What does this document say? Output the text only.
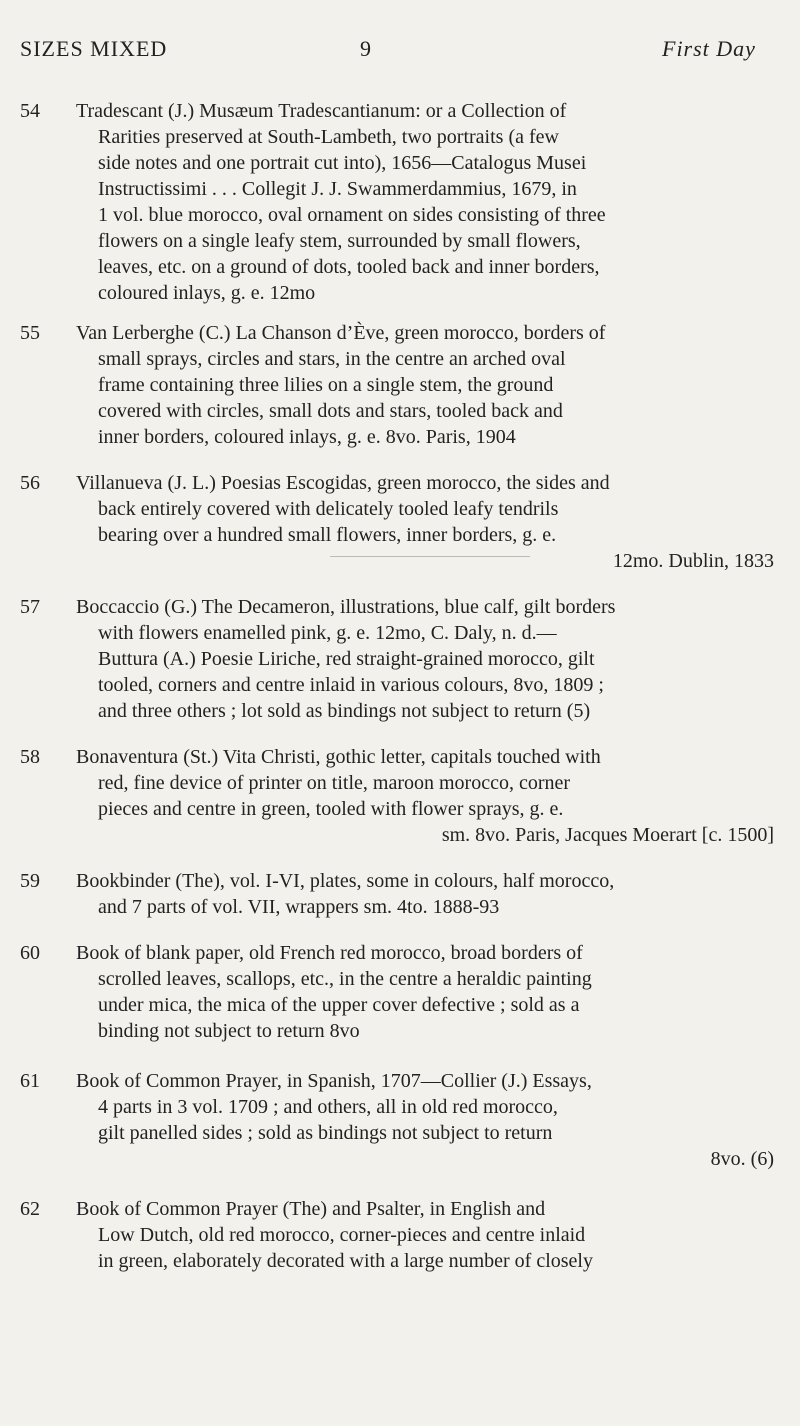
SIZES MIXED	9	First Day
54	Tradescant (J.) Musæum Tradescantianum: or a Collection of
Rarities preserved at South-Lambeth, two portraits (a few
side notes and one portrait cut into), 1656—Catalogus Musei
Instructissimi . . . Collegit J. J. Swammerdammius, 1679, in
1 vol. blue morocco, oval ornament on sides consisting of three
flowers on a single leafy stem, surrounded by small flowers,
leaves, etc. on a ground of dots, tooled back and inner borders,
coloured inlays, g. e. 12mo
55	Van Lerberghe (C.) La Chanson d’Ève, green morocco, borders of
small sprays, circles and stars, in the centre an arched oval
frame containing three lilies on a single stem, the ground
covered with circles, small dots and stars, tooled back and
inner borders, coloured inlays, g. e. 8vo. Paris, 1904
56	Villanueva (J. L.) Poesias Escogidas, green morocco, the sides and
back entirely covered with delicately tooled leafy tendrils
bearing over a hundred small flowers, inner borders, g. e.
12mo. Dublin, 1833
57	Boccaccio (G.) The Decameron, illustrations, blue calf, gilt borders
with flowers enamelled pink, g. e. 12mo, C. Daly, n. d.—
Buttura (A.) Poesie Liriche, red straight-grained morocco, gilt
tooled, corners and centre inlaid in various colours, 8vo, 1809 ;
and three others ; lot sold as bindings not subject to return (5)
58	Bonaventura (St.) Vita Christi, gothic letter, capitals touched with
red, fine device of printer on title, maroon morocco, corner
pieces and centre in green, tooled with flower sprays, g. e.
sm. 8vo. Paris, Jacques Moerart [c. 1500]
59	Bookbinder (The), vol. I-VI, plates, some in colours, half morocco,
and 7 parts of vol. VII, wrappers sm. 4to. 1888-93
60	Book of blank paper, old French red morocco, broad borders of
scrolled leaves, scallops, etc., in the centre a heraldic painting
under mica, the mica of the upper cover defective ; sold as a
binding not subject to return 8vo
61	Book of Common Prayer, in Spanish, 1707—Collier (J.) Essays,
4 parts in 3 vol. 1709 ; and others, all in old red morocco,
gilt panelled sides ; sold as bindings not subject to return
8vo. (6)
62	Book of Common Prayer (The) and Psalter, in English and
Low Dutch, old red morocco, corner-pieces and centre inlaid
in green, elaborately decorated with a large number of closely
